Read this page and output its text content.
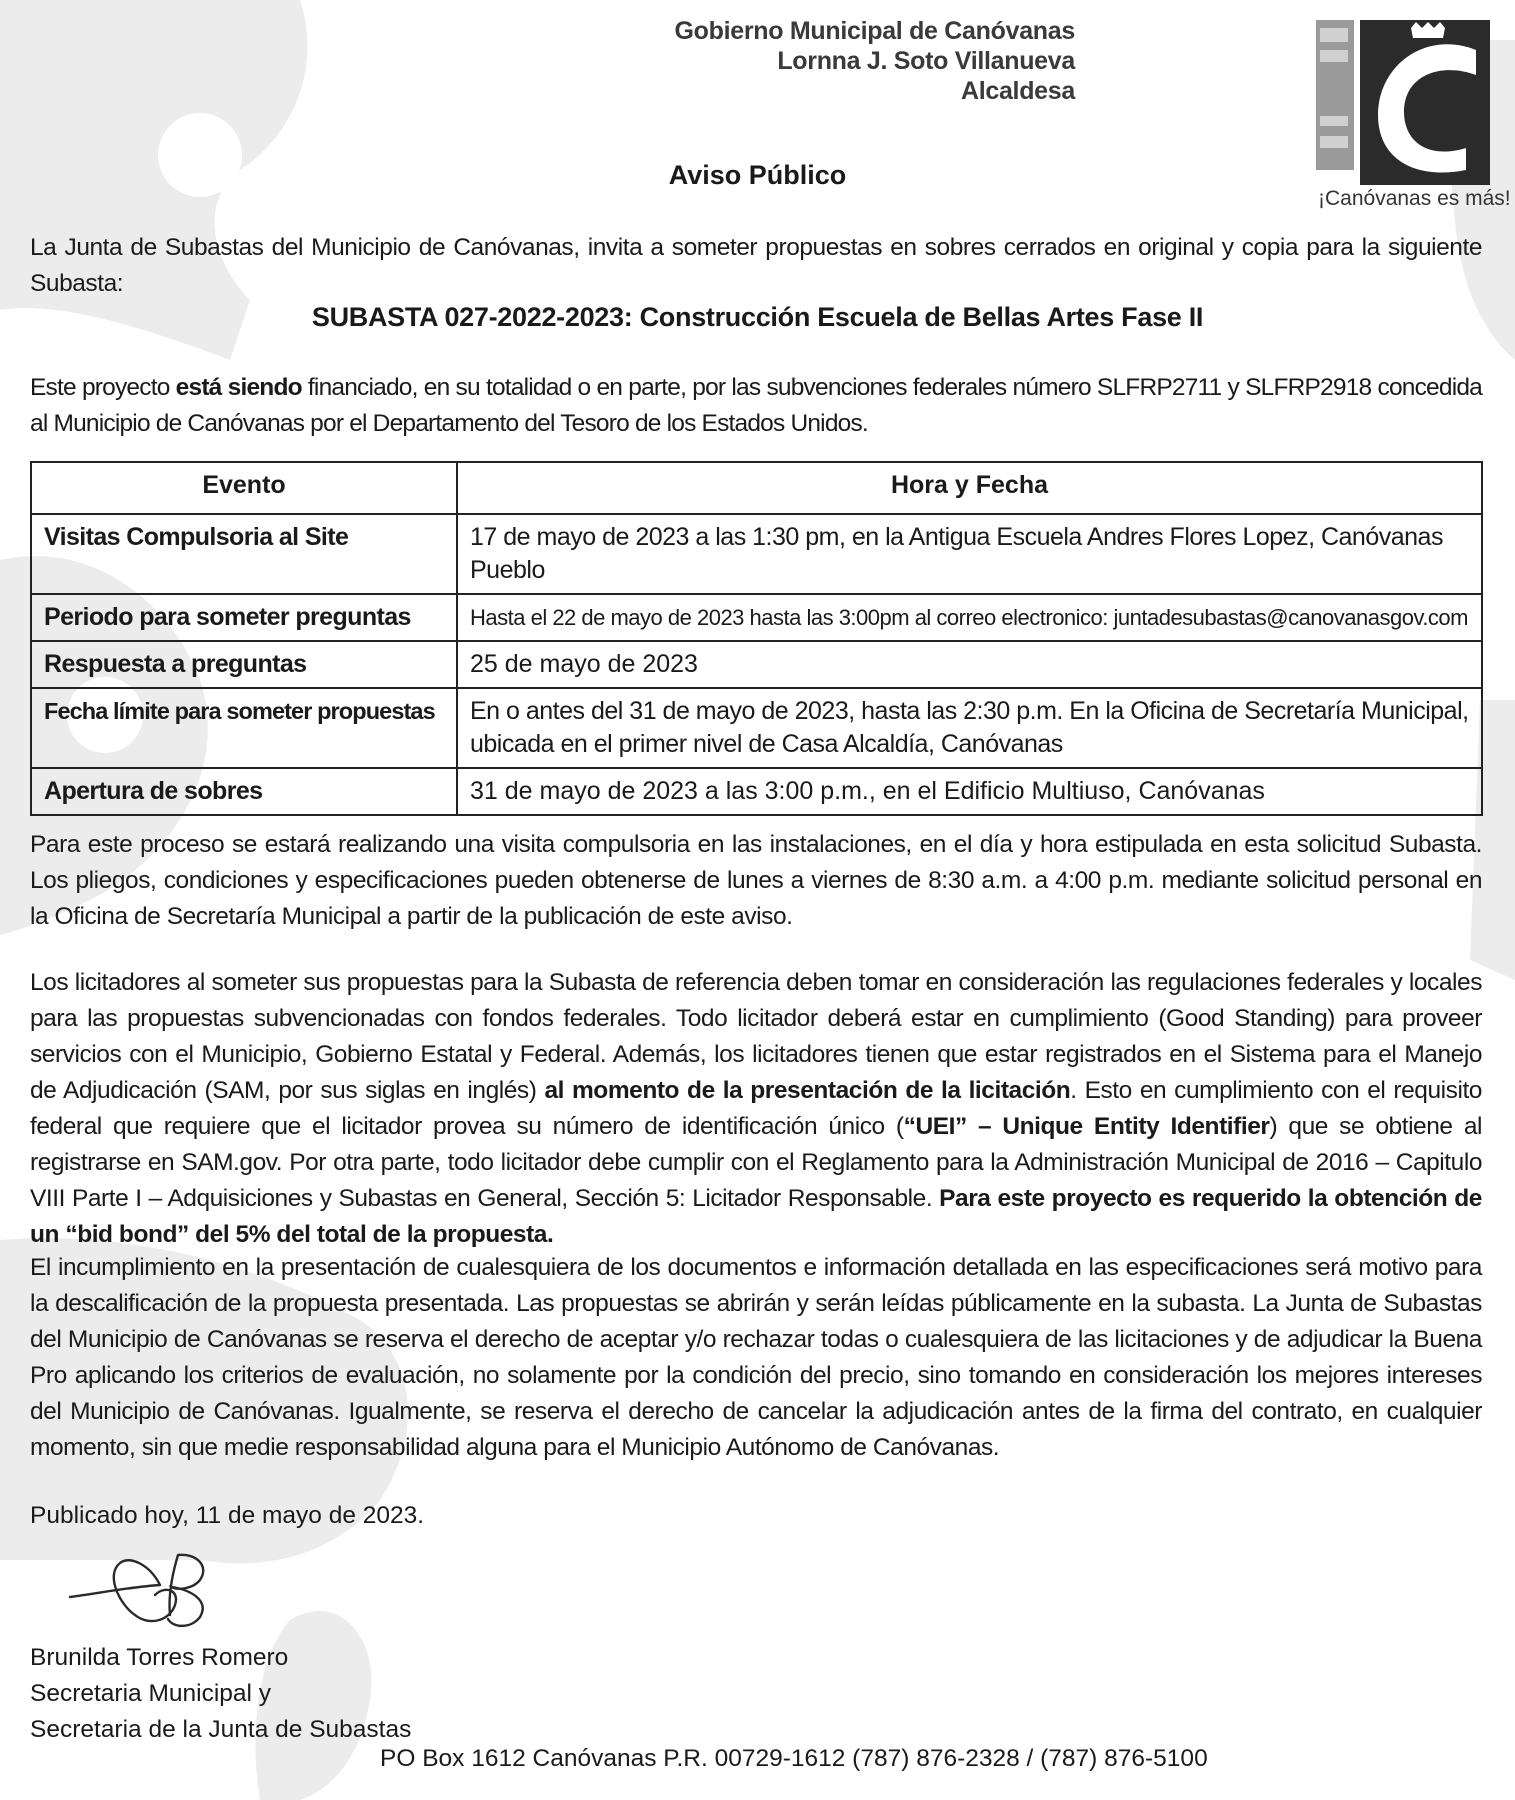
Gobierno Municipal de Canóvanas
Lornna J. Soto Villanueva
Alcaldesa
¡Canóvanas es más!
Aviso Público
La Junta de Subastas del Municipio de Canóvanas, invita a someter propuestas en sobres cerrados en original y copia para la siguiente Subasta:
SUBASTA 027-2022-2023: Construcción Escuela de Bellas Artes Fase II
Este proyecto está siendo financiado, en su totalidad o en parte, por las subvenciones federales número SLFRP2711 y SLFRP2918 concedida al Municipio de Canóvanas por el Departamento del Tesoro de los Estados Unidos.
Evento	Hora y Fecha
Visitas Compulsoria al Site	17 de mayo de 2023 a las 1:30 pm, en la Antigua Escuela Andres Flores Lopez, Canóvanas Pueblo
Periodo para someter preguntas	Hasta el 22 de mayo de 2023 hasta las 3:00pm al correo electronico: juntadesubastas@canovanasgov.com
Respuesta a preguntas	25 de mayo de 2023
Fecha límite para someter propuestas	En o antes del 31 de mayo de 2023, hasta las 2:30 p.m. En la Oficina de Secretaría Municipal, ubicada en el primer nivel de Casa Alcaldía, Canóvanas
Apertura de sobres	31 de mayo de 2023 a las 3:00 p.m., en el Edificio Multiuso, Canóvanas
Para este proceso se estará realizando una visita compulsoria en las instalaciones, en el día y hora estipulada en esta solicitud Subasta. Los pliegos, condiciones y especificaciones pueden obtenerse de lunes a viernes de 8:30 a.m. a 4:00 p.m. mediante solicitud personal en la Oficina de Secretaría Municipal a partir de la publicación de este aviso.
Los licitadores al someter sus propuestas para la Subasta de referencia deben tomar en consideración las regulaciones federales y locales para las propuestas subvencionadas con fondos federales. Todo licitador deberá estar en cumplimiento (Good Standing) para proveer servicios con el Municipio, Gobierno Estatal y Federal. Además, los licitadores tienen que estar registrados en el Sistema para el Manejo de Adjudicación (SAM, por sus siglas en inglés) al momento de la presentación de la licitación. Esto en cumplimiento con el requisito federal que requiere que el licitador provea su número de identificación único (“UEI” – Unique Entity Identifier) que se obtiene al registrarse en SAM.gov. Por otra parte, todo licitador debe cumplir con el Reglamento para la Administración Municipal de 2016 – Capitulo VIII Parte I – Adquisiciones y Subastas en General, Sección 5: Licitador Responsable. Para este proyecto es requerido la obtención de un “bid bond” del 5% del total de la propuesta.
El incumplimiento en la presentación de cualesquiera de los documentos e información detallada en las especificaciones será motivo para la descalificación de la propuesta presentada. Las propuestas se abrirán y serán leídas públicamente en la subasta. La Junta de Subastas del Municipio de Canóvanas se reserva el derecho de aceptar y/o rechazar todas o cualesquiera de las licitaciones y de adjudicar la Buena Pro aplicando los criterios de evaluación, no solamente por la condición del precio, sino tomando en consideración los mejores intereses del Municipio de Canóvanas. Igualmente, se reserva el derecho de cancelar la adjudicación antes de la firma del contrato, en cualquier momento, sin que medie responsabilidad alguna para el Municipio Autónomo de Canóvanas.
Publicado hoy, 11 de mayo de 2023.
Brunilda Torres Romero
Secretaria Municipal y
Secretaria de la Junta de Subastas
PO Box 1612 Canóvanas P.R. 00729-1612 (787) 876-2328 / (787) 876-5100
